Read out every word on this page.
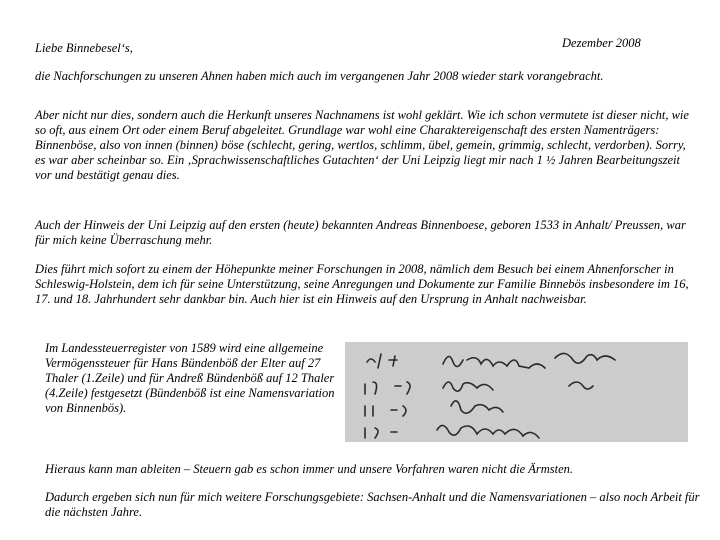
Dezember 2008
Liebe Binnebesel‘s,

die Nachforschungen zu unseren Ahnen haben mich auch im vergangenen Jahr 2008 wieder stark vorangebracht.

Aber nicht nur dies, sondern auch die Herkunft unseres Nachnamens ist wohl geklärt. Wie ich schon vermutete ist dieser nicht, wie so oft, aus einem Ort oder einem Beruf abgeleitet. Grundlage war wohl eine Charaktereigenschaft des ersten Namenträgers: Binnenböse, also von innen (binnen) böse (schlecht, gering, wertlos, schlimm, übel, gemein, grimmig, schlecht, verdorben). Sorry, es war aber scheinbar so. Ein ‚Sprachwissenschaftliches Gutachten‘ der Uni Leipzig liegt mir nach 1 ½ Jahren Bearbeitungszeit vor und bestätigt genau dies.

Auch der Hinweis der Uni Leipzig auf den ersten (heute) bekannten Andreas Binnenboese, geboren 1533 in Anhalt/ Preussen, war für mich keine Überraschung mehr.

Dies führt mich sofort zu einem der Höhepunkte meiner Forschungen in 2008, nämlich dem Besuch bei einem Ahnenforscher in Schleswig-Holstein, dem ich für seine Unterstützung, seine Anregungen und Dokumente zur Familie Binnebös insbesondere im 16, 17. und 18. Jahrhundert sehr dankbar bin. Auch hier ist ein Hinweis auf den Ursprung in Anhalt nachweisbar.

Im Landessteuerregister von 1589 wird eine allgemeine Vermögenssteuer für Hans Bündenböß der Elter auf 27 Thaler (1.Zeile) und für Andreß Bündenböß auf 12 Thaler (4.Zeile) festgesetzt (Bündenböß ist eine Namensvariation von Binnenbös).

Hieraus kann man ableiten – Steuern gab es schon immer und unsere Vorfahren waren nicht die Ärmsten.

Dadurch ergeben sich nun für mich weitere Forschungsgebiete: Sachsen-Anhalt und die Namensvariationen – also noch Arbeit für die nächsten Jahre.
